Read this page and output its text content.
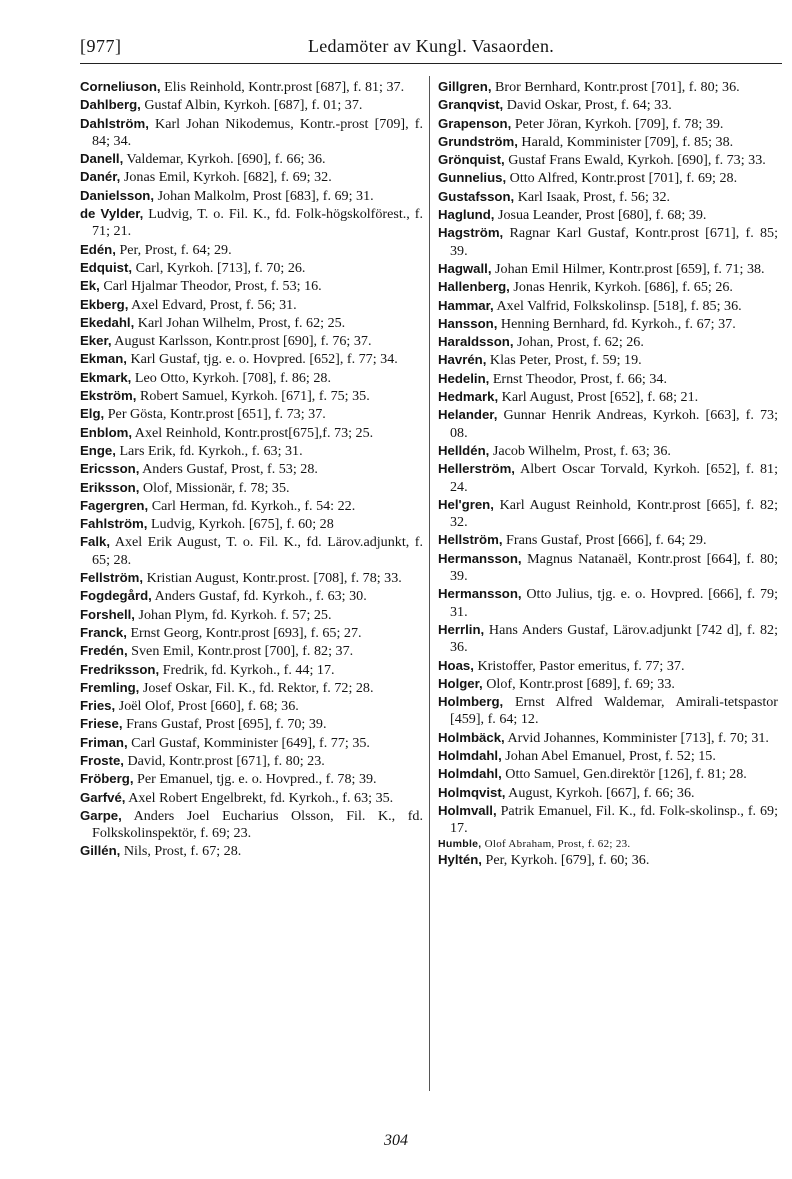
[977]	Ledamöter av Kungl. Vasaorden.

Corneliuson, Elis Reinhold, Kontr.prost [687], f. 81; 37.

Dahlberg, Gustaf Albin, Kyrkoh. [687], f. 01; 37.

Dahlström, Karl Johan Nikodemus, Kontr.-prost [709], f. 84; 34.

Danell, Valdemar, Kyrkoh. [690], f. 66; 36.

Danér, Jonas Emil, Kyrkoh. [682], f. 69; 32.

Danielsson, Johan Malkolm, Prost [683], f. 69; 31.

de Vylder, Ludvig, T. o. Fil. K., fd. Folk-högskolförest., f. 71; 21.

Edén, Per, Prost, f. 64; 29.

Edquist, Carl, Kyrkoh. [713], f. 70; 26.

Ek, Carl Hjalmar Theodor, Prost, f. 53; 16.

Ekberg, Axel Edvard, Prost, f. 56; 31.

Ekedahl, Karl Johan Wilhelm, Prost, f. 62; 25.

Eker, August Karlsson, Kontr.prost [690], f. 76; 37.

Ekman, Karl Gustaf, tjg. e. o. Hovpred. [652], f. 77; 34.

Ekmark, Leo Otto, Kyrkoh. [708], f. 86; 28.

Ekström, Robert Samuel, Kyrkoh. [671], f. 75; 35.

Elg, Per Gösta, Kontr.prost [651], f. 73; 37.

Enblom, Axel Reinhold, Kontr.prost[675],f. 73; 25.

Enge, Lars Erik, fd. Kyrkoh., f. 63; 31.

Ericsson, Anders Gustaf, Prost, f. 53; 28.

Eriksson, Olof, Missionär, f. 78; 35.

Fagergren, Carl Herman, fd. Kyrkoh., f. 54: 22.

Fahlström, Ludvig, Kyrkoh. [675], f. 60; 28

Falk, Axel Erik August, T. o. Fil. K., fd. Lärov.adjunkt, f. 65; 28.

Fellström, Kristian August, Kontr.prost. [708], f. 78; 33.

Fogdegård, Anders Gustaf, fd. Kyrkoh., f. 63; 30.

Forshell, Johan Plym, fd. Kyrkoh. f. 57; 25.

Franck, Ernst Georg, Kontr.prost [693], f. 65; 27.

Fredén, Sven Emil, Kontr.prost [700], f. 82; 37.

Fredriksson, Fredrik, fd. Kyrkoh., f. 44; 17.

Fremling, Josef Oskar, Fil. K., fd. Rektor, f. 72; 28.

Fries, Joël Olof, Prost [660], f. 68; 36.

Friese, Frans Gustaf, Prost [695], f. 70; 39.

Friman, Carl Gustaf, Komminister [649], f. 77; 35.

Froste, David, Kontr.prost [671], f. 80; 23.

Fröberg, Per Emanuel, tjg. e. o. Hovpred., f. 78; 39.

Garfvé, Axel Robert Engelbrekt, fd. Kyrkoh., f. 63; 35.

Garpe, Anders Joel Eucharius Olsson, Fil. K., fd. Folkskolinspektör, f. 69; 23.

Gillén, Nils, Prost, f. 67; 28.

Gillgren, Bror Bernhard, Kontr.prost [701], f. 80; 36.

Granqvist, David Oskar, Prost, f. 64; 33.

Grapenson, Peter Jöran, Kyrkoh. [709], f. 78; 39.

Grundström, Harald, Komminister [709], f. 85; 38.

Grönquist, Gustaf Frans Ewald, Kyrkoh. [690], f. 73; 33.

Gunnelius, Otto Alfred, Kontr.prost [701], f. 69; 28.

Gustafsson, Karl Isaak, Prost, f. 56; 32.

Haglund, Josua Leander, Prost [680], f. 68; 39.

Hagström, Ragnar Karl Gustaf, Kontr.prost [671], f. 85; 39.

Hagwall, Johan Emil Hilmer, Kontr.prost [659], f. 71; 38.

Hallenberg, Jonas Henrik, Kyrkoh. [686], f. 65; 26.

Hammar, Axel Valfrid, Folkskolinsp. [518], f. 85; 36.

Hansson, Henning Bernhard, fd. Kyrkoh., f. 67; 37.

Haraldsson, Johan, Prost, f. 62; 26.

Havrén, Klas Peter, Prost, f. 59; 19.

Hedelin, Ernst Theodor, Prost, f. 66; 34.

Hedmark, Karl August, Prost [652], f. 68; 21.

Helander, Gunnar Henrik Andreas, Kyrkoh. [663], f. 73; 08.

Helldén, Jacob Wilhelm, Prost, f. 63; 36.

Hellerström, Albert Oscar Torvald, Kyrkoh. [652], f. 81; 24.

Hel'gren, Karl August Reinhold, Kontr.prost [665], f. 82; 32.

Hellström, Frans Gustaf, Prost [666], f. 64; 29.

Hermansson, Magnus Natanaël, Kontr.prost [664], f. 80; 39.

Hermansson, Otto Julius, tjg. e. o. Hovpred. [666], f. 79; 31.

Herrlin, Hans Anders Gustaf, Lärov.adjunkt [742 d], f. 82; 36.

Hoas, Kristoffer, Pastor emeritus, f. 77; 37.

Holger, Olof, Kontr.prost [689], f. 69; 33.

Holmberg, Ernst Alfred Waldemar, Amirali-tetspastor [459], f. 64; 12.

Holmbäck, Arvid Johannes, Komminister [713], f. 70; 31.

Holmdahl, Johan Abel Emanuel, Prost, f. 52; 15.

Holmdahl, Otto Samuel, Gen.direktör [126], f. 81; 28.

Holmqvist, August, Kyrkoh. [667], f. 66; 36.

Holmvall, Patrik Emanuel, Fil. K., fd. Folk-skolinsp., f. 69; 17.

Humble, Olof Abraham, Prost, f. 62; 23.

Hyltén, Per, Kyrkoh. [679], f. 60; 36.

304
